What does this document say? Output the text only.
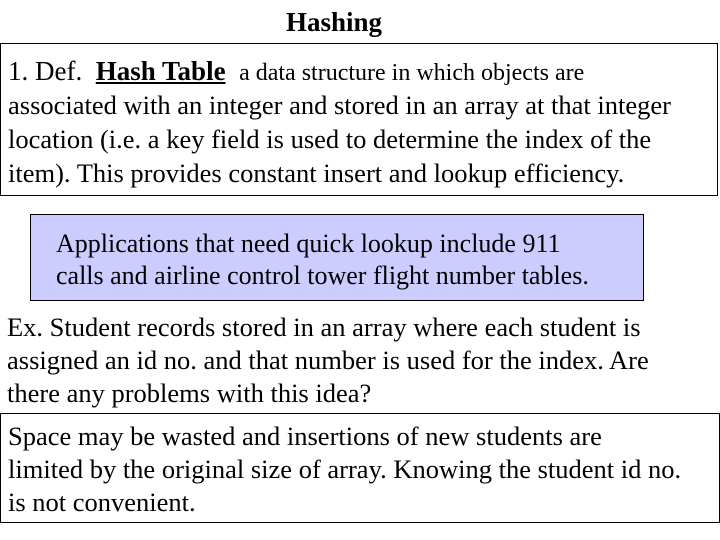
Hashing
1. Def. Hash Table a data structure in which objects are
associated with an integer and stored in an array at that integer
location (i.e. a key field is used to determine the index of the
item). This provides constant insert and lookup efficiency.
Applications that need quick lookup include 911
calls and airline control tower flight number tables.
Ex. Student records stored in an array where each student is
assigned an id no. and that number is used for the index. Are
there any problems with this idea?
Space may be wasted and insertions of new students are
limited by the original size of array. Knowing the student id no.
is not convenient.
